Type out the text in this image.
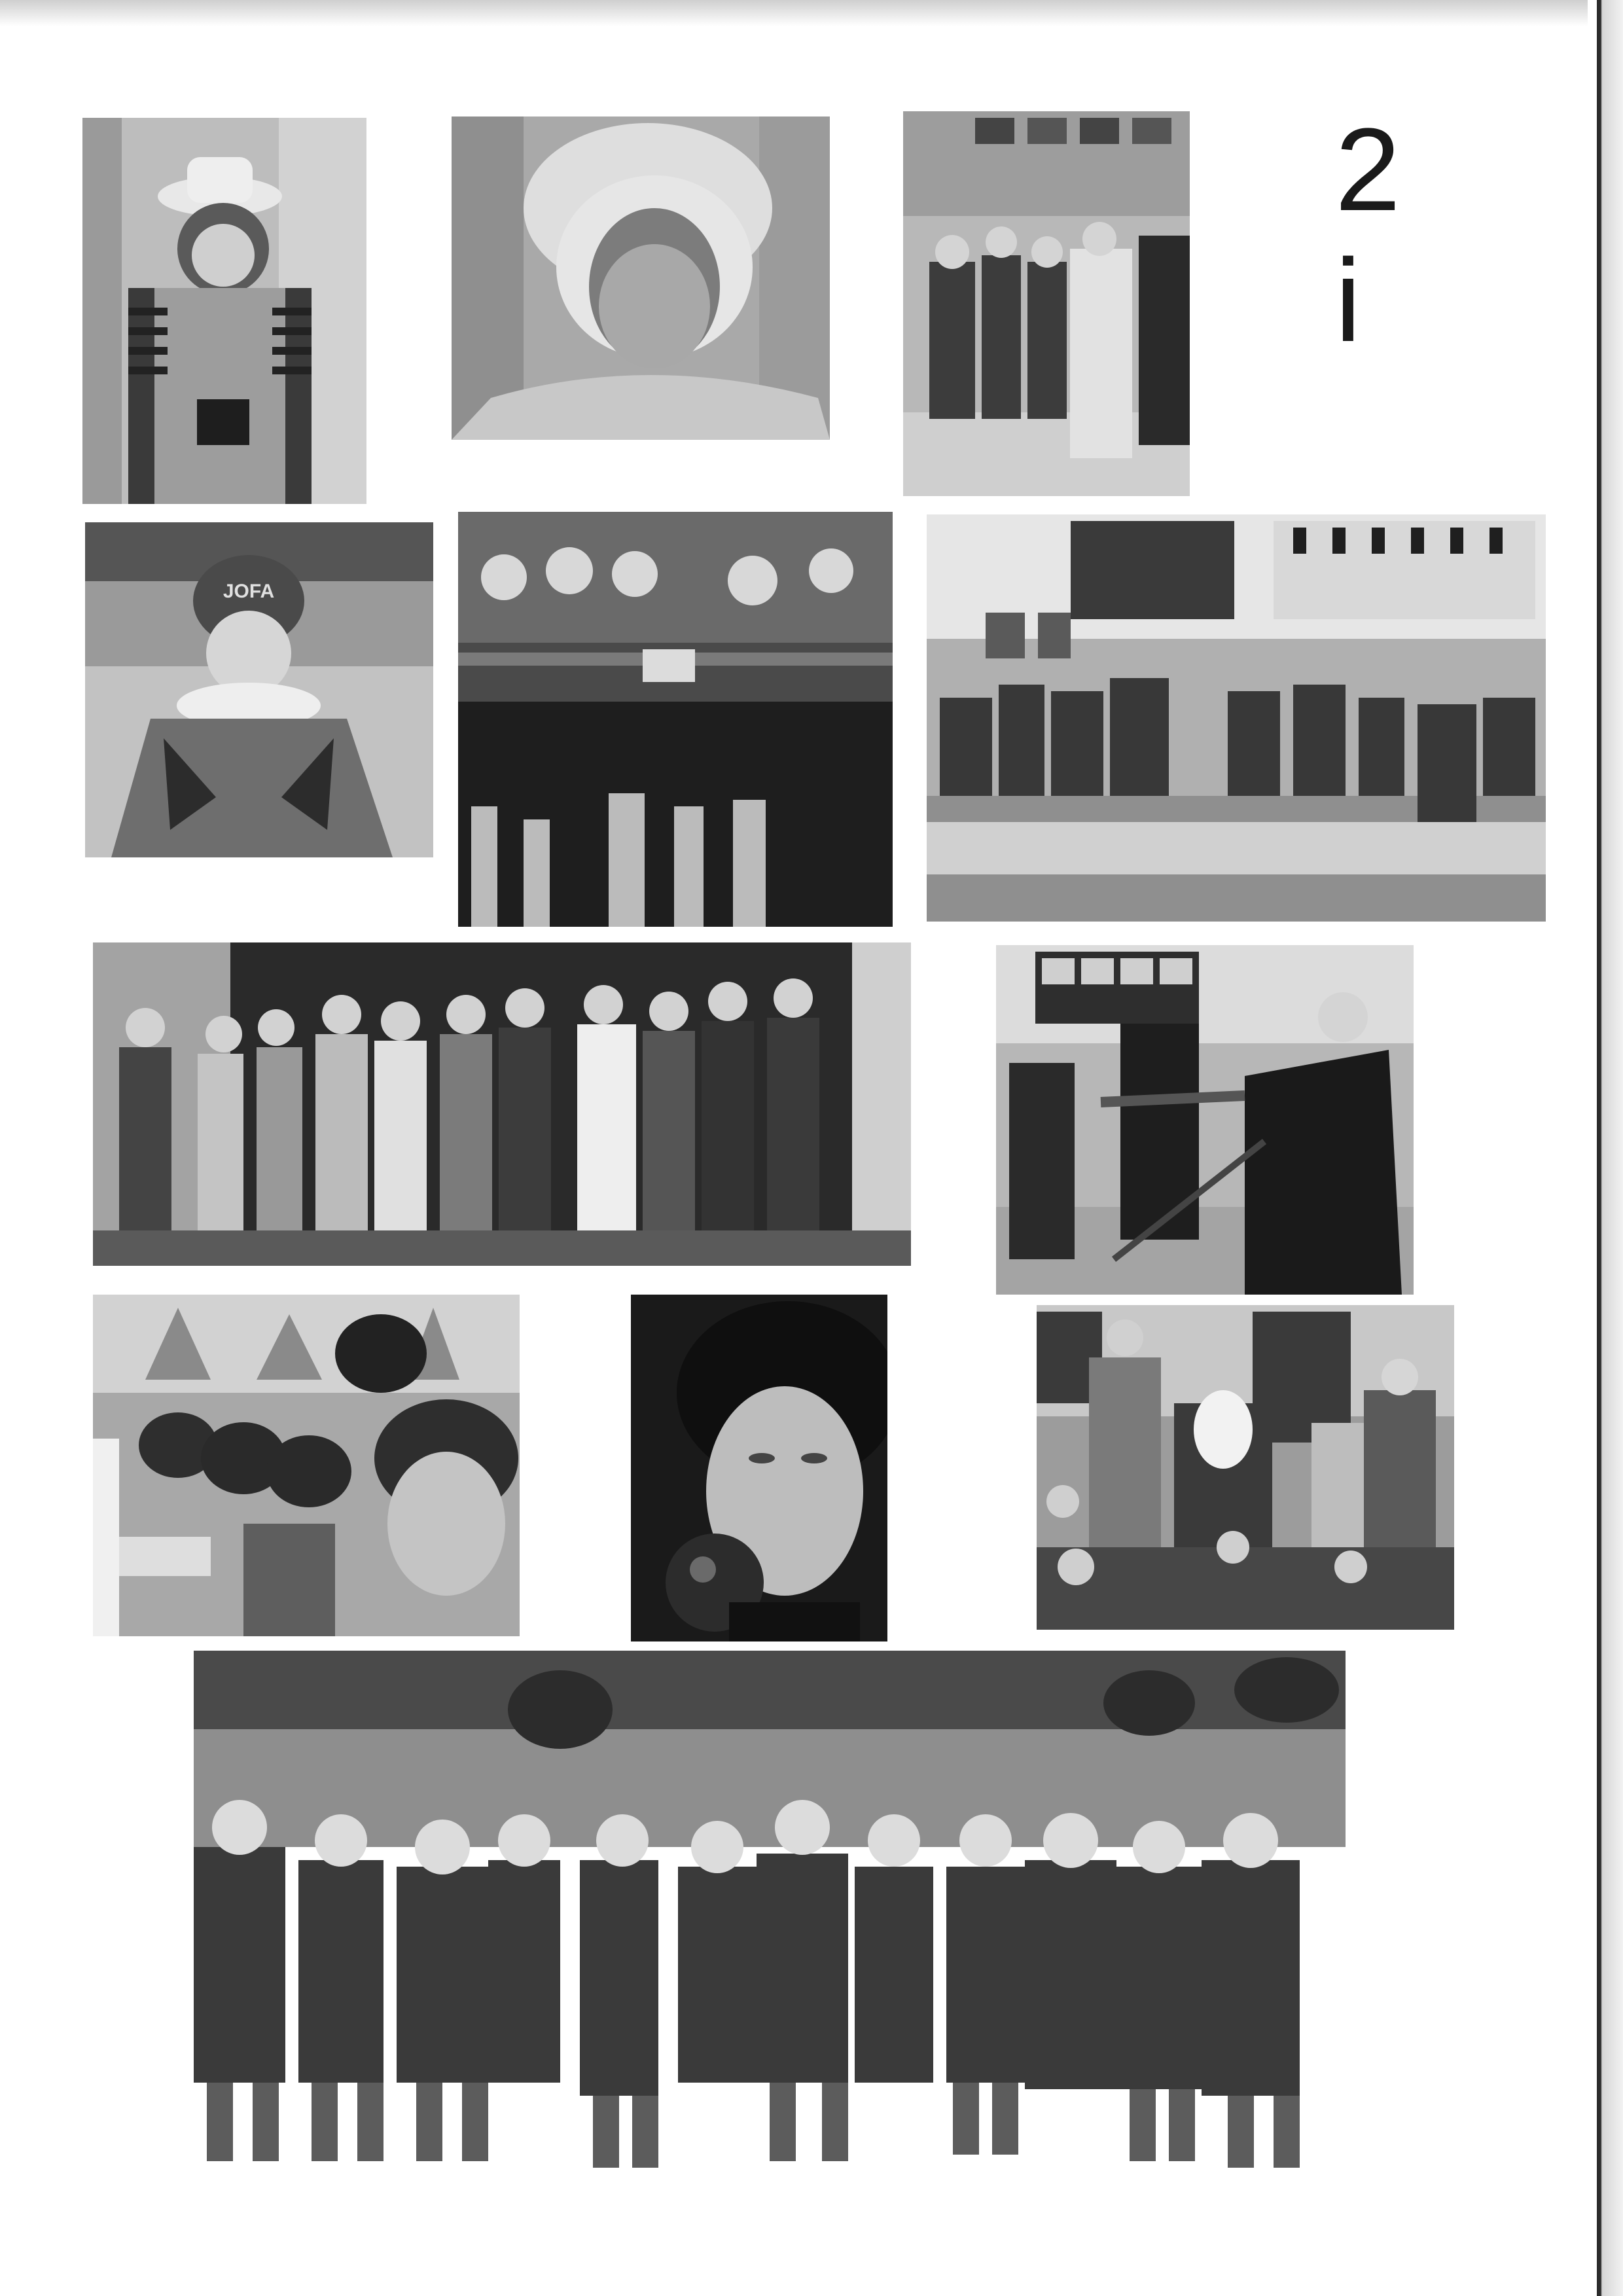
2 i
JOFA
